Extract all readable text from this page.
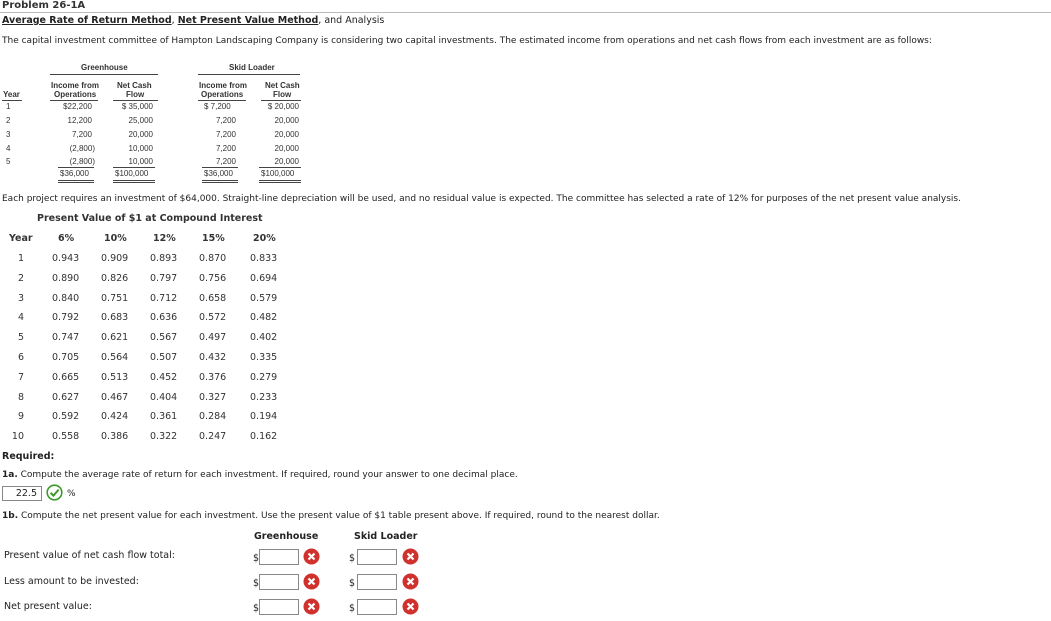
Problem 26-1A
Average Rate of Return Method, Net Present Value Method, and Analysis
The capital investment committee of Hampton Landscaping Company is considering two capital investments. The estimated income from operations and net cash flows from each investment are as follows:
Greenhouse	Skid Loader
Income from
Operations
Net Cash
Flow
Income from
Operations
Net Cash
Flow
Year
1	$22,200	$ 35,000	$ 7,200	$ 20,000
2	12,200	25,000	7,200	20,000
3	7,200	20,000	7,200	20,000
4	(2,800)	10,000	7,200	20,000
5	(2,800)	10,000	7,200	20,000
$36,000	$100,000	$36,000	$100,000
Each project requires an investment of $64,000. Straight-line depreciation will be used, and no residual value is expected. The committee has selected a rate of 12% for purposes of the net present value analysis.
Present Value of $1 at Compound Interest
Year	6%	10%	12%	15%	20%
1	0.943 0.909 0.893 0.870	0.833
2	0.890 0.826 0.797 0.756	0.694
3	0.840 0.751 0.712 0.658	0.579
4	0.792 0.683 0.636 0.572	0.482
5	0.747 0.621 0.567 0.497	0.402
6	0.705 0.564 0.507 0.432	0.335
7	0.665 0.513 0.452 0.376	0.279
8	0.627 0.467 0.404 0.327	0.233
9	0.592 0.424 0.361 0.284	0.194
10	0.558 0.386 0.322 0.247	0.162
Required:
1a. Compute the average rate of return for each investment. If required, round your answer to one decimal place.
22.5	%
1b. Compute the net present value for each investment. Use the present value of $1 table present above. If required, round to the nearest dollar.
Greenhouse	Skid Loader
Present value of net cash flow total:	$	$
Less amount to be invested:	$	$
Net present value:	$	$
